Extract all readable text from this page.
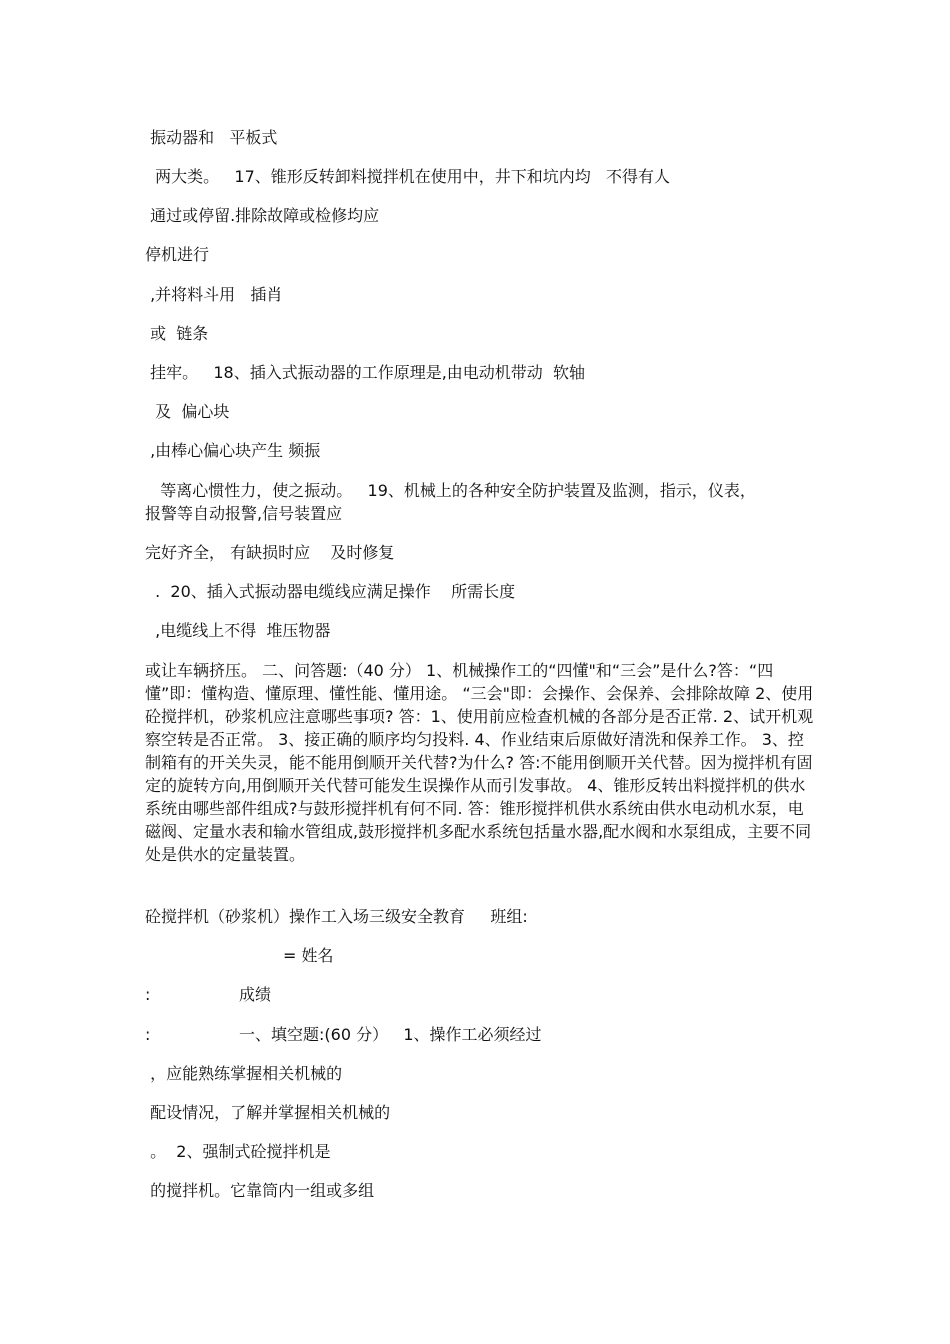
振动器和   平板式
两大类。   17、锥形反转卸料搅拌机在使用中，井下和坑内均   不得有人
通过或停留.排除故障或检修均应
停机进行
,并将料斗用   插肖
或  链条
挂牢。   18、插入式振动器的工作原理是,由电动机带动  软轴
及  偏心块
,由棒心偏心块产生 频振
等离心惯性力，使之振动。   19、机械上的各种安全防护装置及监测，指示，仪表，
报警等自动报警,信号装置应
完好齐全， 有缺损时应    及时修复
.  20、插入式振动器电缆线应满足操作    所需长度
,电缆线上不得  堆压物器
或让车辆挤压。 二、问答题:（40 分） 1、机械操作工的“四懂"和“三会”是什么?答：“四懂”即：懂构造、懂原理、懂性能、懂用途。 “三会"即：会操作、会保养、会排除故障 2、使用砼搅拌机，砂浆机应注意哪些事项? 答：1、使用前应检查机械的各部分是否正常. 2、试开机观察空转是否正常。 3、接正确的顺序均匀投料. 4、作业结束后原做好清洗和保养工作。 3、控制箱有的开关失灵，能不能用倒顺开关代替?为什么? 答:不能用倒顺开关代替。因为搅拌机有固定的旋转方向,用倒顺开关代替可能发生误操作从而引发事故。 4、锥形反转出料搅拌机的供水系统由哪些部件组成?与鼓形搅拌机有何不同. 答：锥形搅拌机供水系统由供水电动机水泵，电磁阀、定量水表和输水管组成,鼓形搅拌机多配水系统包括量水器,配水阀和水泵组成，主要不同处是供水的定量装置。
砼搅拌机（砂浆机）操作工入场三级安全教育     班组:
= 姓名
:	成绩
:	一、填空题:(60 分）   1、操作工必须经过
，应能熟练掌握相关机械的
配设情况，了解并掌握相关机械的
。  2、强制式砼搅拌机是
的搅拌机。它靠筒内一组或多组
